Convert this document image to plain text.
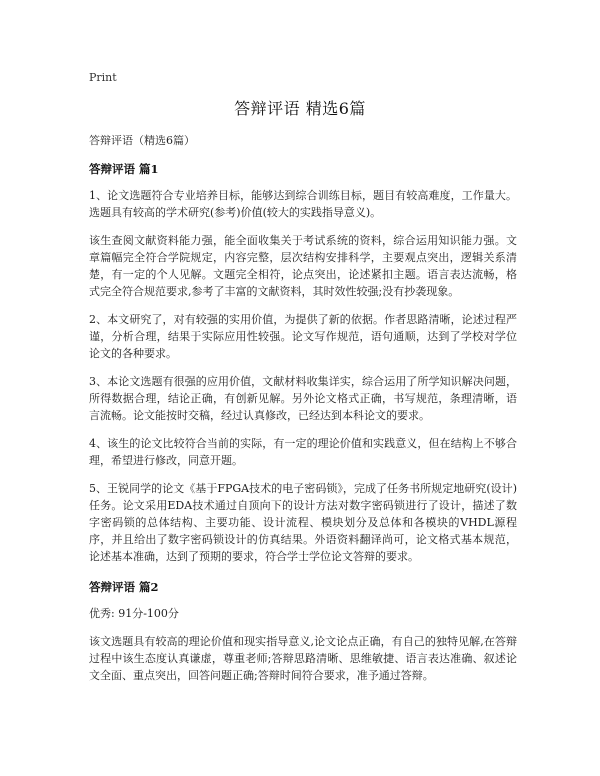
Print
答辩评语 精选6篇

答辩评语（精选6篇）

答辩评语 篇1

1、论文选题符合专业培养目标，能够达到综合训练目标，题目有较高难度，工作量大。选题具有较高的学术研究(参考)价值(较大的实践指导意义)。

该生查阅文献资料能力强，能全面收集关于考试系统的资料，综合运用知识能力强。文章篇幅完全符合学院规定，内容完整，层次结构安排科学，主要观点突出，逻辑关系清楚，有一定的个人见解。文题完全相符，论点突出，论述紧扣主题。语言表达流畅，格式完全符合规范要求,参考了丰富的文献资料，其时效性较强;没有抄袭现象。

2、本文研究了，对有较强的实用价值，为提供了新的依据。作者思路清晰，论述过程严谨，分析合理，结果于实际应用性较强。论文写作规范，语句通顺，达到了学校对学位论文的各种要求。

3、本论文选题有很强的应用价值，文献材料收集详实，综合运用了所学知识解决问题，所得数据合理，结论正确，有创新见解。另外论文格式正确，书写规范，条理清晰，语言流畅。论文能按时交稿，经过认真修改，已经达到本科论文的要求。

4、该生的论文比较符合当前的实际，有一定的理论价值和实践意义，但在结构上不够合理，希望进行修改，同意开题。

5、王锐同学的论文《基于FPGA技术的电子密码锁》，完成了任务书所规定地研究(设计)任务。论文采用EDA技术通过自顶向下的设计方法对数字密码锁进行了设计，描述了数字密码锁的总体结构、主要功能、设计流程、模块划分及总体和各模块的VHDL源程序，并且给出了数字密码锁设计的仿真结果。外语资料翻译尚可，论文格式基本规范，论述基本准确，达到了预期的要求，符合学士学位论文答辩的要求。

答辩评语 篇2

优秀: 91分-100分

该文选题具有较高的理论价值和现实指导意义,论文论点正确，有自己的独特见解,在答辩过程中该生态度认真谦虚，尊重老师;答辩思路清晰、思维敏捷、语言表达准确、叙述论文全面、重点突出，回答问题正确;答辩时间符合要求，准予通过答辩。
